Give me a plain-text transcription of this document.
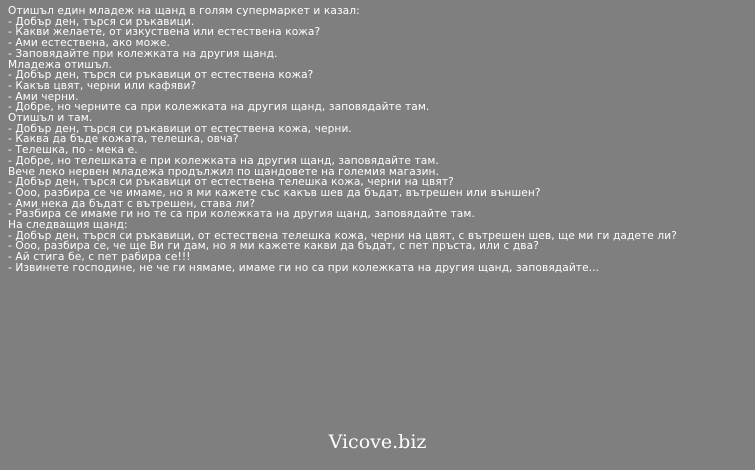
Отишъл един младеж на щанд в голям супермаркет и казал:
- Добър ден, търся си ръкавици.
- Какви желаете, от изкуствена или естествена кожа?
- Ами естествена, ако може.
- Заповядайте при колежката на другия щанд.
Младежа отишъл.
- Добър ден, търся си ръкавици от естествена кожа?
- Какъв цвят, черни или кафяви?
- Ами черни.
- Добре, но черните са при колежката на другия щанд, заповядайте там.
Отишъл и там.
- Добър ден, търся си ръкавици от естествена кожа, черни.
- Каква да бъде кожата, телешка, овча?
- Телешка, по - мека е.
- Добре, но телешката е при колежката на другия щанд, заповядайте там.
Вече леко нервен младежа продължил по щандовете на големия магазин.
- Добър ден, търся си ръкавици от естествена телешка кожа, черни на цвят?
- Ооо, разбира се че имаме, но я ми кажете със какъв шев да бъдат, вътрешен или външен?
- Ами нека да бъдат с вътрешен, става ли?
- Разбира се имаме ги но те са при колежката на другия щанд, заповядайте там.
На следващия щанд:
- Добър ден, търся си ръкавици, от естествена телешка кожа, черни на цвят, с вътрешен шев, ще ми ги дадете ли?
- Ооо, разбира се, че ще Ви ги дам, но я ми кажете какви да бъдат, с пет пръста, или с два?
- Ай стига бе, с пет рабира се!!!
- Извинете господине, не че ги нямаме, имаме ги но са при колежката на другия щанд, заповядайте...
Vicove.biz
